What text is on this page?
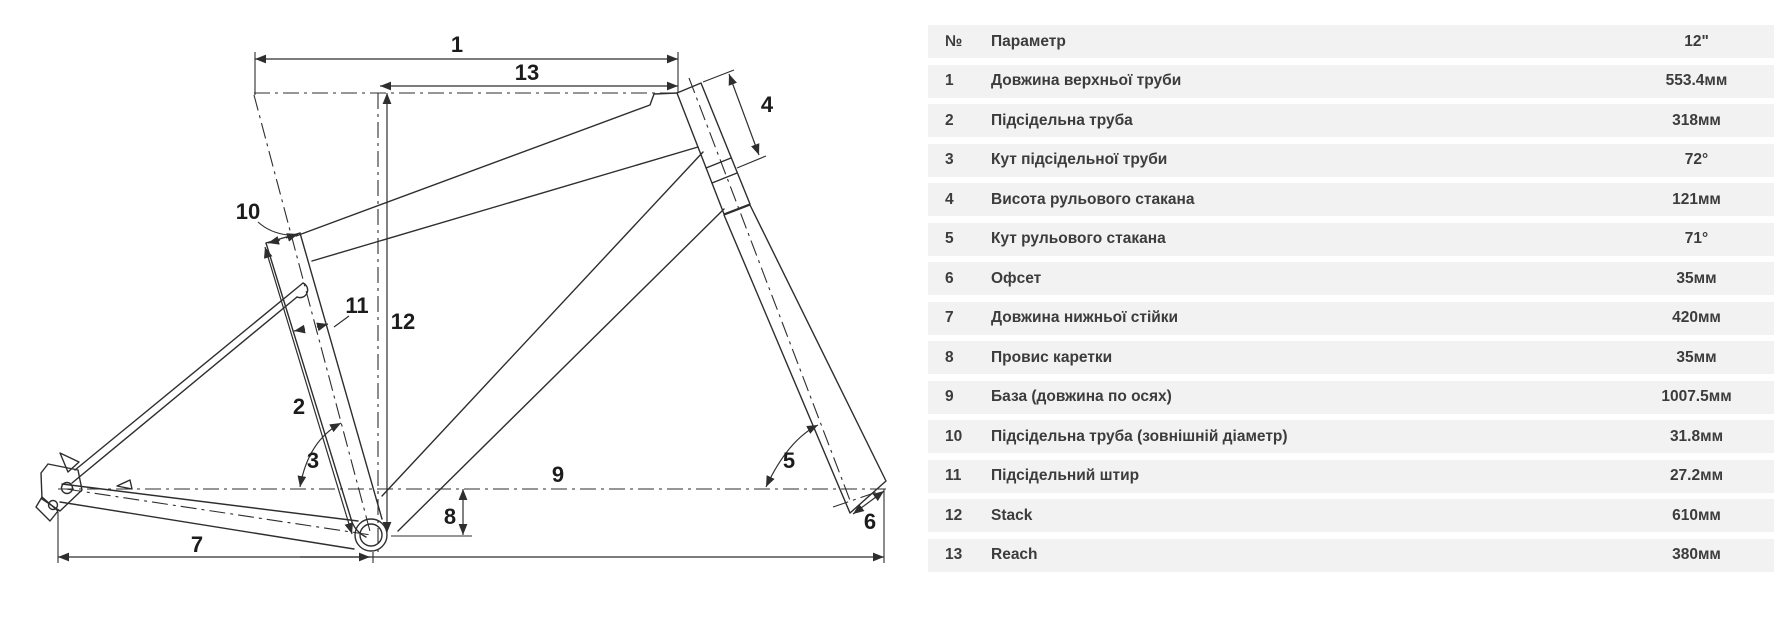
1
13
4
10
11
12
2
3	5
9
8
7
6
№	Параметр	12"
1	Довжина верхньої труби	553.4мм
2	Підсідельна труба	318мм
3	Кут підсідельної труби	72°
4	Висота рульового стакана	121мм
5	Кут рульового стакана	71°
6	Офсет	35мм
7	Довжина нижньої стійки	420мм
8	Провис каретки	35мм
9	База (довжина по осях)	1007.5мм
10	Підсідельна труба (зовнішній діаметр)	31.8мм
11	Підсідельний штир	27.2мм
12	Stack	610мм
13	Reach	380мм
